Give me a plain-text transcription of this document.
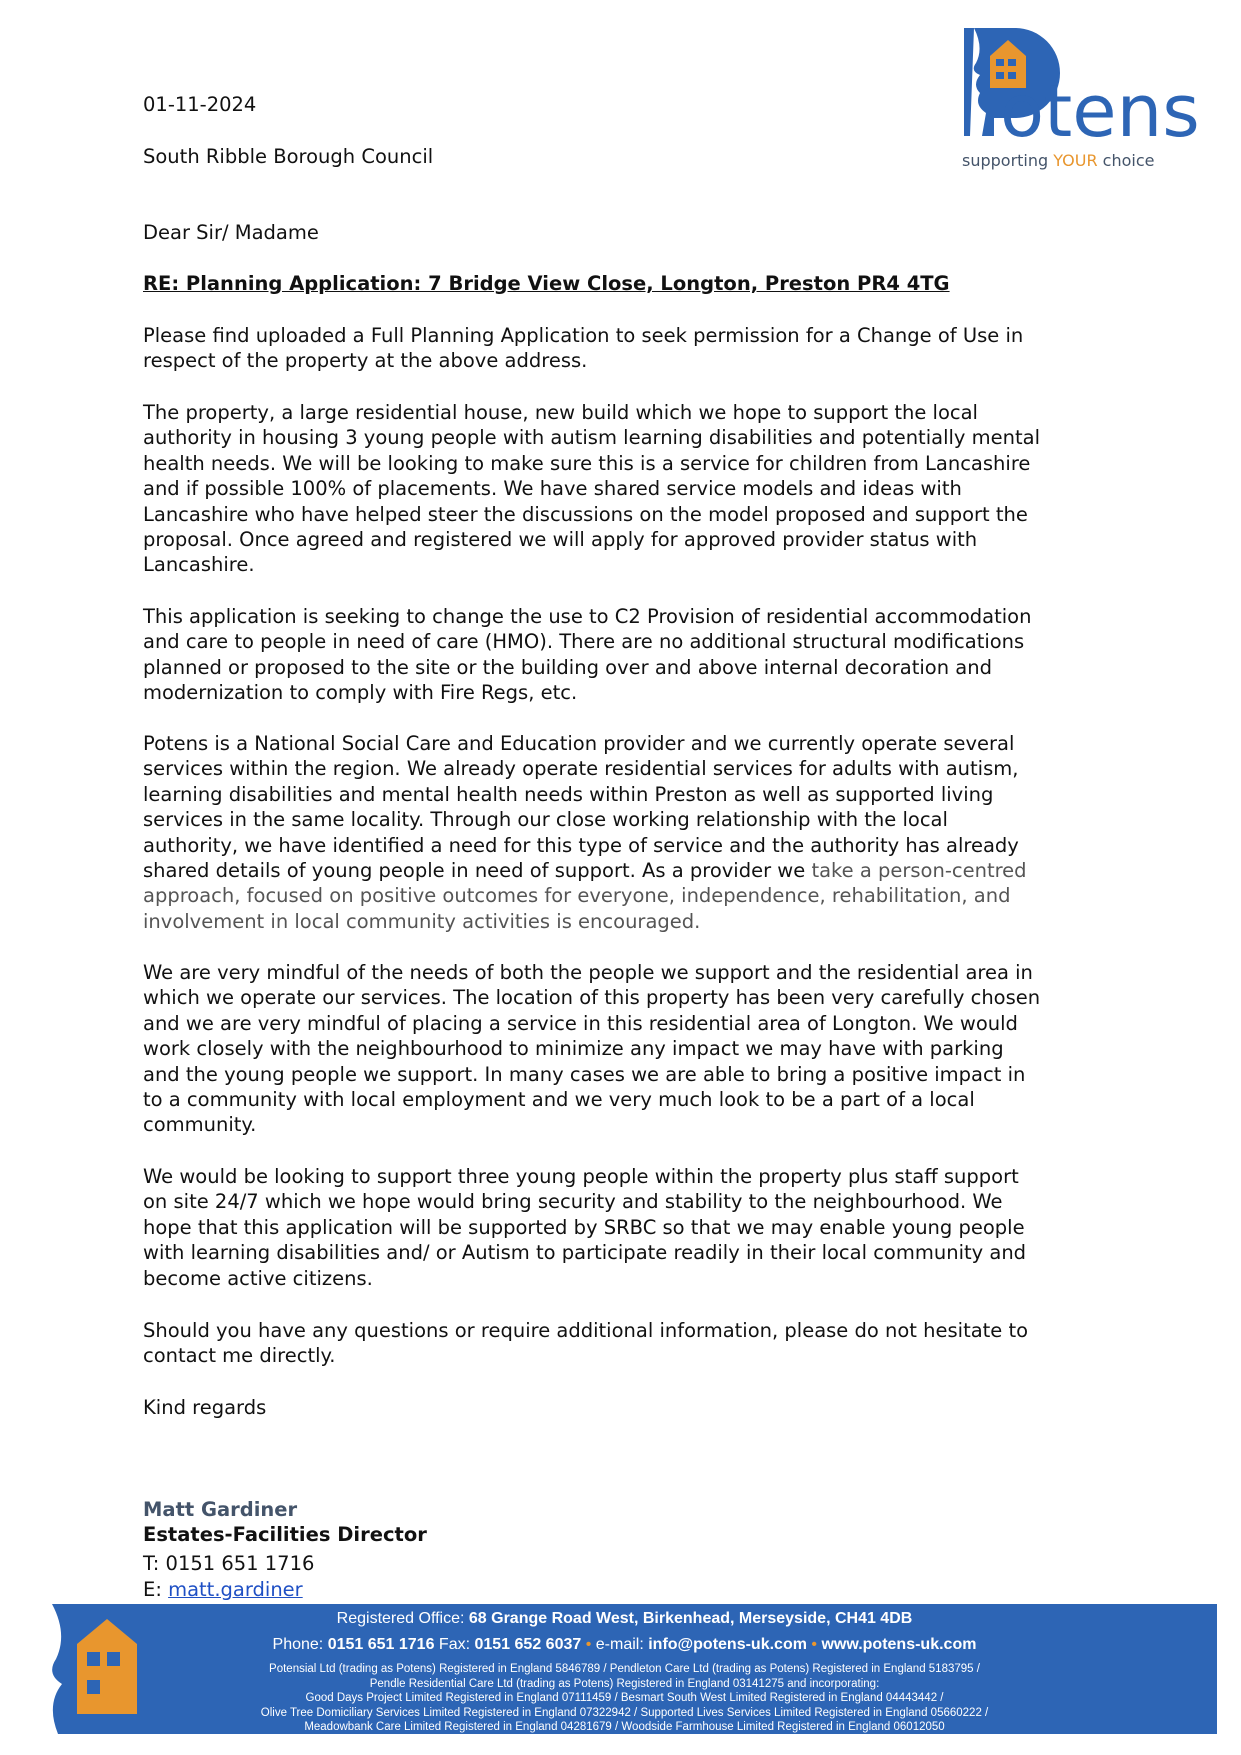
otens
supporting YOUR choice
01-11-2024
South Ribble Borough Council
Dear Sir/ Madame
RE: Planning Application: 7 Bridge View Close, Longton, Preston PR4 4TG
Please find uploaded a Full Planning Application to seek permission for a Change of Use in
respect of the property at the above address.
The property, a large residential house, new build which we hope to support the local
authority in housing 3 young people with autism learning disabilities and potentially mental
health needs. We will be looking to make sure this is a service for children from Lancashire
and if possible 100% of placements. We have shared service models and ideas with
Lancashire who have helped steer the discussions on the model proposed and support the
proposal. Once agreed and registered we will apply for approved provider status with
Lancashire.
This application is seeking to change the use to C2 Provision of residential accommodation
and care to people in need of care (HMO). There are no additional structural modifications
planned or proposed to the site or the building over and above internal decoration and
modernization to comply with Fire Regs, etc.
Potens is a National Social Care and Education provider and we currently operate several
services within the region. We already operate residential services for adults with autism,
learning disabilities and mental health needs within Preston as well as supported living
services in the same locality. Through our close working relationship with the local
authority, we have identified a need for this type of service and the authority has already
shared details of young people in need of support. As a provider we take a person-centred
approach, focused on positive outcomes for everyone, independence, rehabilitation, and
involvement in local community activities is encouraged.
We are very mindful of the needs of both the people we support and the residential area in
which we operate our services. The location of this property has been very carefully chosen
and we are very mindful of placing a service in this residential area of Longton. We would
work closely with the neighbourhood to minimize any impact we may have with parking
and the young people we support. In many cases we are able to bring a positive impact in
to a community with local employment and we very much look to be a part of a local
community.
We would be looking to support three young people within the property plus staff support
on site 24/7 which we hope would bring security and stability to the neighbourhood. We
hope that this application will be supported by SRBC so that we may enable young people
with learning disabilities and/ or Autism to participate readily in their local community and
become active citizens.
Should you have any questions or require additional information, please do not hesitate to
contact me directly.
Kind regards
Matt Gardiner
Estates-Facilities Director
T: 0151 651 1716
E: matt.gardiner
Registered Office: 68 Grange Road West, Birkenhead, Merseyside, CH41 4DB
Phone: 0151 651 1716 Fax: 0151 652 6037 • e-mail: info@potens-uk.com • www.potens-uk.com
Potensial Ltd (trading as Potens) Registered in England 5846789 / Pendleton Care Ltd (trading as Potens) Registered in England 5183795 /
Pendle Residential Care Ltd (trading as Potens) Registered in England 03141275 and incorporating:
Good Days Project Limited Registered in England 07111459 / Besmart South West Limited Registered in England 04443442 /
Olive Tree Domiciliary Services Limited Registered in England 07322942 / Supported Lives Services Limited Registered in England 05660222 /
Meadowbank Care Limited Registered in England 04281679 / Woodside Farmhouse Limited Registered in England 06012050
